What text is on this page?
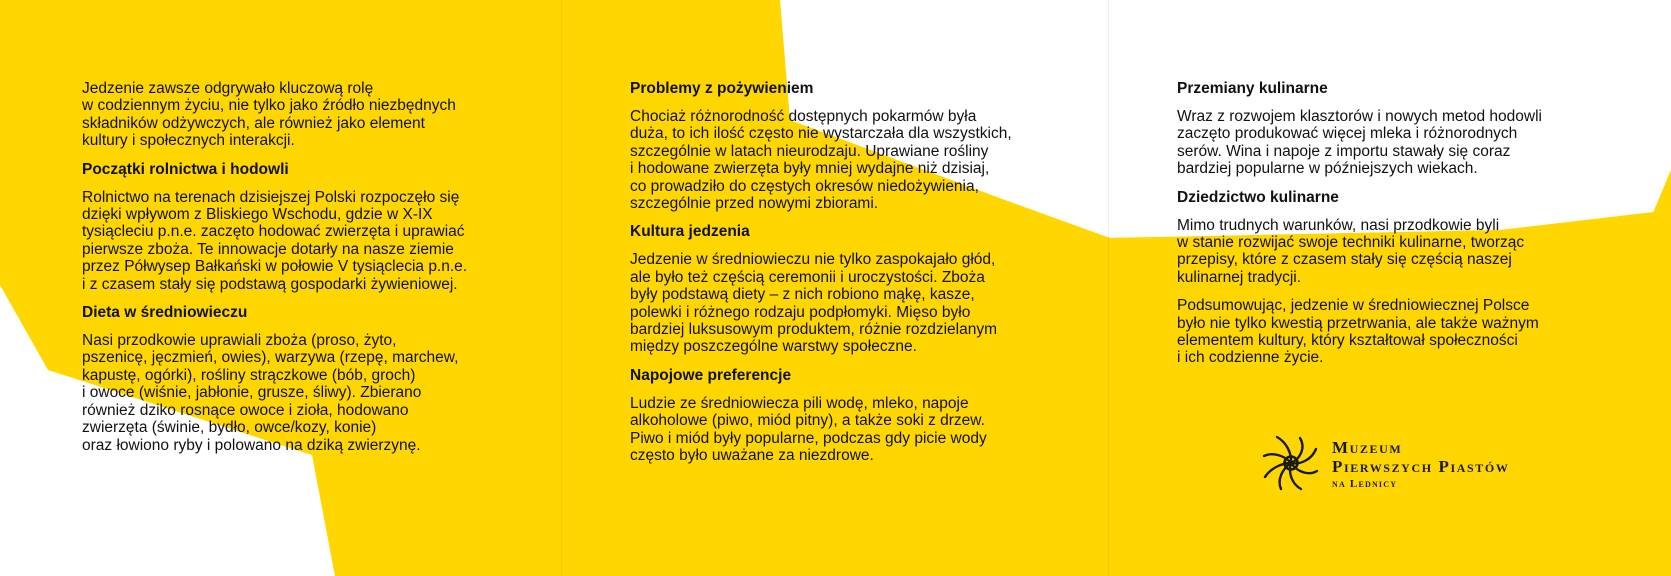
Jedzenie zawsze odgrywało kluczową rolę
w codziennym życiu, nie tylko jako źródło niezbędnych
składników odżywczych, ale również jako element
kultury i społecznych interakcji.

Początki rolnictwa i hodowli

Rolnictwo na terenach dzisiejszej Polski rozpoczęło się
dzięki wpływom z Bliskiego Wschodu, gdzie w X-IX
tysiącleciu p.n.e. zaczęto hodować zwierzęta i uprawiać
pierwsze zboża. Te innowacje dotarły na nasze ziemie
przez Półwysep Bałkański w połowie V tysiąclecia p.n.e.
i z czasem stały się podstawą gospodarki żywieniowej.

Dieta w średniowieczu

Nasi przodkowie uprawiali zboża (proso, żyto,
pszenicę, jęczmień, owies), warzywa (rzepę, marchew,
kapustę, ogórki), rośliny strączkowe (bób, groch)
i owoce (wiśnie, jabłonie, grusze, śliwy). Zbierano
również dziko rosnące owoce i zioła, hodowano
zwierzęta (świnie, bydło, owce/kozy, konie)
oraz łowiono ryby i polowano na dziką zwierzynę.

Problemy z pożywieniem

Chociaż różnorodność dostępnych pokarmów była
duża, to ich ilość często nie wystarczała dla wszystkich,
szczególnie w latach nieurodzaju. Uprawiane rośliny
i hodowane zwierzęta były mniej wydajne niż dzisiaj,
co prowadziło do częstych okresów niedożywienia,
szczególnie przed nowymi zbiorami.

Kultura jedzenia

Jedzenie w średniowieczu nie tylko zaspokajało głód,
ale było też częścią ceremonii i uroczystości. Zboża
były podstawą diety – z nich robiono mąkę, kasze,
polewki i różnego rodzaju podpłomyki. Mięso było
bardziej luksusowym produktem, różnie rozdzielanym
między poszczególne warstwy społeczne.

Napojowe preferencje

Ludzie ze średniowiecza pili wodę, mleko, napoje
alkoholowe (piwo, miód pitny), a także soki z drzew.
Piwo i miód były popularne, podczas gdy picie wody
często było uważane za niezdrowe.

Przemiany kulinarne

Wraz z rozwojem klasztorów i nowych metod hodowli
zaczęto produkować więcej mleka i różnorodnych
serów. Wina i napoje z importu stawały się coraz
bardziej popularne w późniejszych wiekach.

Dziedzictwo kulinarne

Mimo trudnych warunków, nasi przodkowie byli
w stanie rozwijać swoje techniki kulinarne, tworząc
przepisy, które z czasem stały się częścią naszej
kulinarnej tradycji.

Podsumowując, jedzenie w średniowiecznej Polsce
było nie tylko kwestią przetrwania, ale także ważnym
elementem kultury, który kształtował społeczności
i ich codzienne życie.

Muzeum
Pierwszych Piastów
na Lednicy
